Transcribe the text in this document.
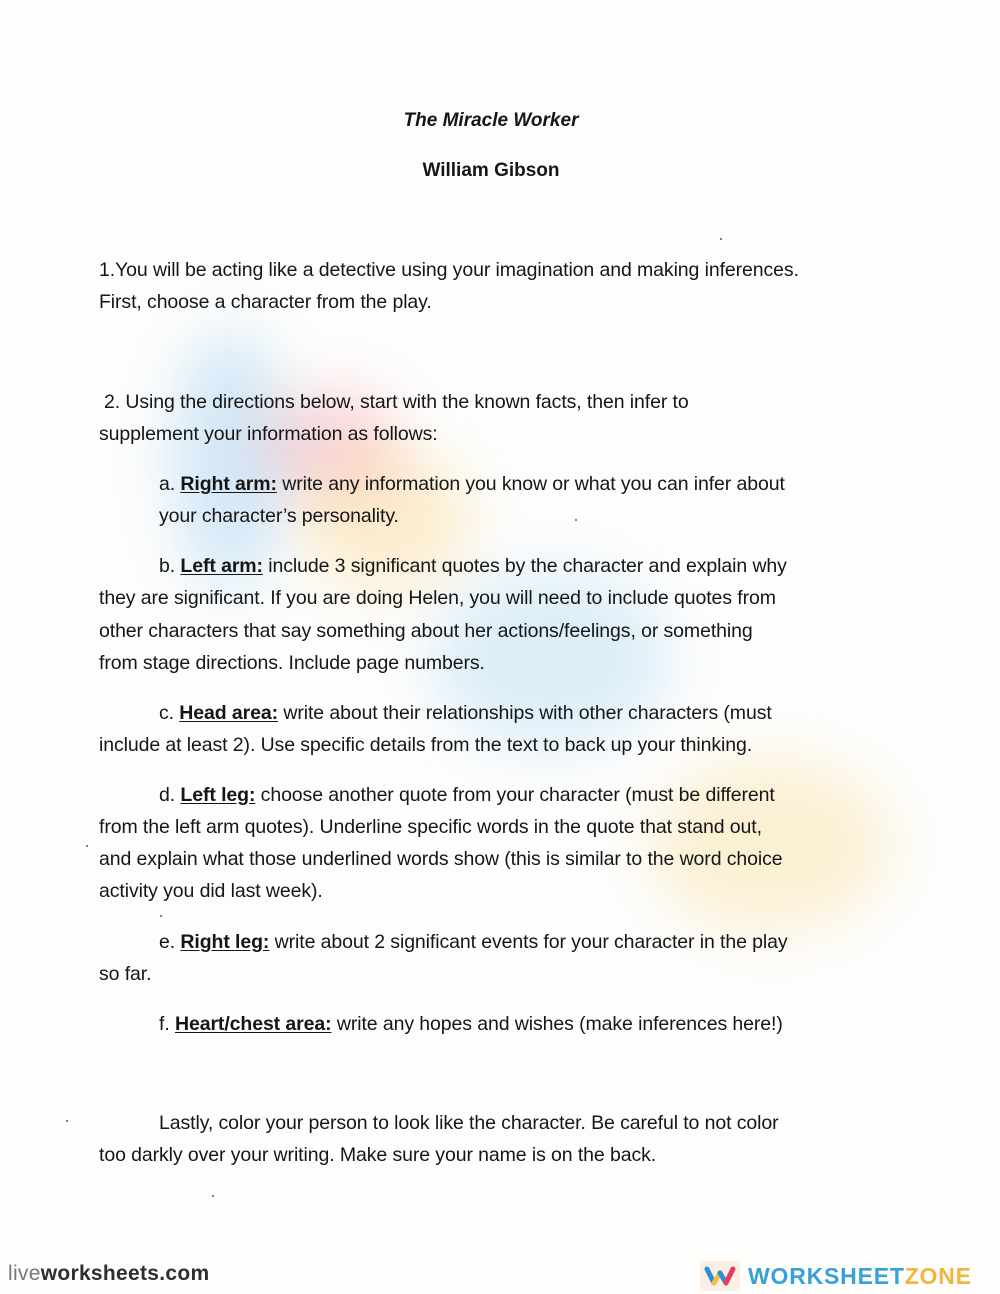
The Miracle Worker
William Gibson
1.You will be acting like a detective using your imagination and making inferences.
First, choose a character from the play.
2. Using the directions below, start with the known facts, then infer to
supplement your information as follows:
a. Right arm: write any information you know or what you can infer about
your character’s personality.
b. Left arm: include 3 significant quotes by the character and explain why
they are significant. If you are doing Helen, you will need to include quotes from
other characters that say something about her actions/feelings, or something
from stage directions. Include page numbers.
c. Head area: write about their relationships with other characters (must
include at least 2). Use specific details from the text to back up your thinking.
d. Left leg: choose another quote from your character (must be different
from the left arm quotes). Underline specific words in the quote that stand out,
and explain what those underlined words show (this is similar to the word choice
activity you did last week).
e. Right leg: write about 2 significant events for your character in the play
so far.
f. Heart/chest area: write any hopes and wishes (make inferences here!)
Lastly, color your person to look like the character. Be careful to not color
too darkly over your writing. Make sure your name is on the back.
liveworksheets.com	WORKSHEETZONE
